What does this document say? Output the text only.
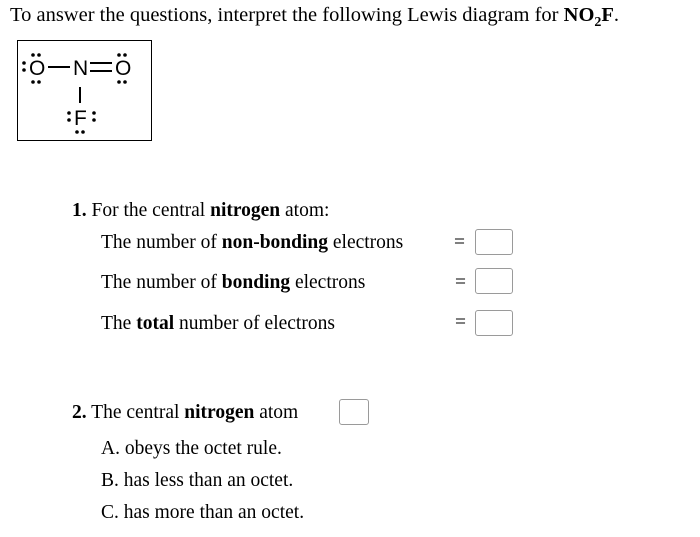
To answer the questions, interpret the following Lewis diagram for $NO_2F$.
O N O
F
1. For the central nitrogen atom:
The number of non-bonding electrons	=
The number of bonding electrons	=
The total number of electrons	=
2. The central nitrogen atom
A. obeys the octet rule.
B. has less than an octet.
C. has more than an octet.
